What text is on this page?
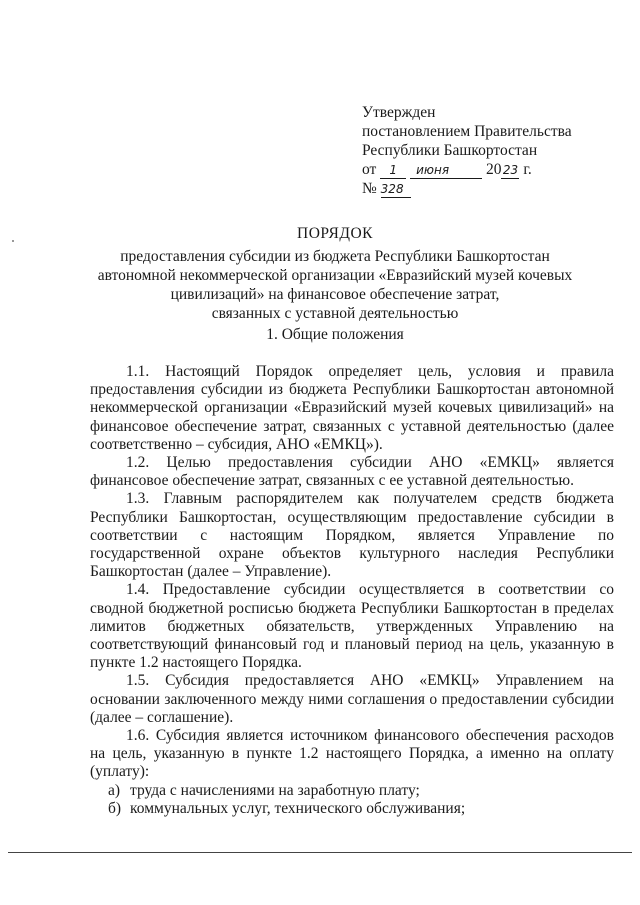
Утвержден
постановлением Правительства
Республики Башкортостан
от 1 июня 2023 г.
№ 328
ПОРЯДОК
предоставления субсидии из бюджета Республики Башкортостан
автономной некоммерческой организации «Евразийский музей кочевых
цивилизаций» на финансовое обеспечение затрат,
связанных с уставной деятельностью
1. Общие положения

1.1. Настоящий Порядок определяет цель, условия и правила предоставления субсидии из бюджета Республики Башкортостан автономной некоммерческой организации «Евразийский музей кочевых цивилизаций» на финансовое обеспечение затрат, связанных с уставной деятельностью (далее соответственно – субсидия, АНО «ЕМКЦ»).

1.2. Целью предоставления субсидии АНО «ЕМКЦ» является финансовое обеспечение затрат, связанных с ее уставной деятельностью.

1.3. Главным распорядителем как получателем средств бюджета Республики Башкортостан, осуществляющим предоставление субсидии в соответствии с настоящим Порядком, является Управление по государственной охране объектов культурного наследия Республики Башкортостан (далее – Управление).

1.4. Предоставление субсидии осуществляется в соответствии со сводной бюджетной росписью бюджета Республики Башкортостан в пределах лимитов бюджетных обязательств, утвержденных Управлению на соответствующий финансовый год и плановый период на цель, указанную в пункте 1.2 настоящего Порядка.

1.5. Субсидия предоставляется АНО «ЕМКЦ» Управлением на основании заключенного между ними соглашения о предоставлении субсидии (далее – соглашение).

1.6. Субсидия является источником финансового обеспечения расходов на цель, указанную в пункте 1.2 настоящего Порядка, а именно на оплату (уплату):

а) труда с начислениями на заработную плату;

б) коммунальных услуг, технического обслуживания;
